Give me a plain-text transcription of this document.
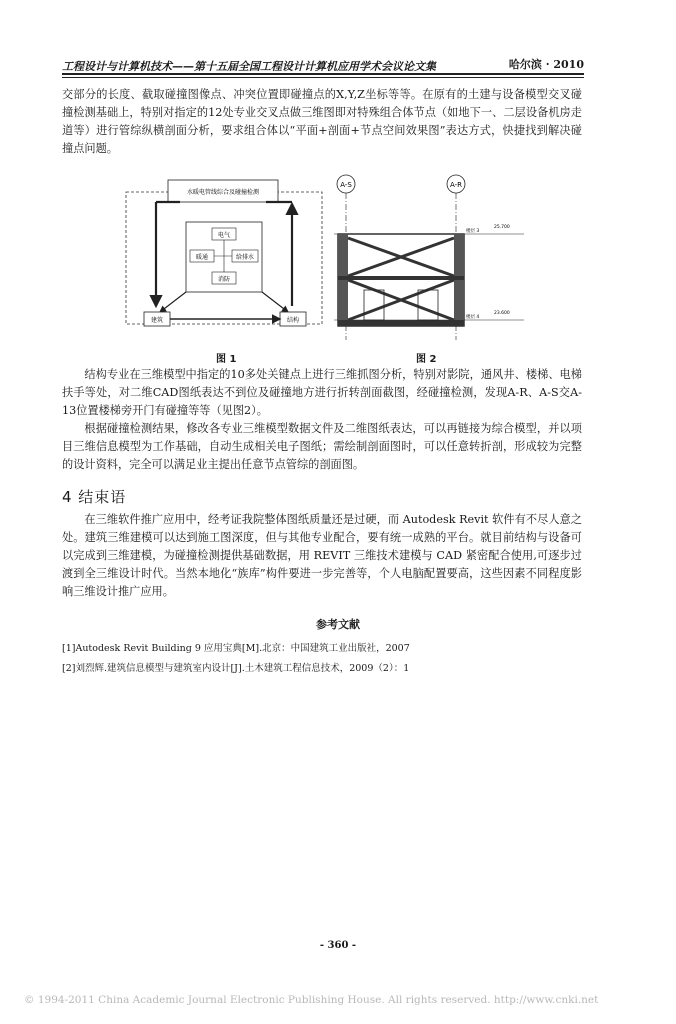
工程设计与计算机技术——第十五届全国工程设计计算机应用学术会议论文集	哈尔滨 · 2010

交部分的长度、截取碰撞图像点、冲突位置即碰撞点的X,Y,Z坐标等等。在原有的土建与设备模型交叉碰撞检测基础上，特别对指定的12处专业交叉点做三维图即对特殊组合体节点（如地下一、二层设备机房走道等）进行管综纵横剖面分析，要求组合体以“平面+剖面+节点空间效果图”表达方式，快捷找到解决碰撞点问题。

水暖电管线综合及碰撞检测
电气
暖通	给排水
消防
建筑	结构
A-S	A-R
楼层 3
25.700
楼层 4
23.600
图 1	图 2

结构专业在三维模型中指定的10多处关键点上进行三维抓图分析，特别对影院，通风井、楼梯、电梯扶手等处，对二维CAD图纸表达不到位及碰撞地方进行折转剖面截图，经碰撞检测，发现A-R、A-S交A-13位置楼梯旁开门有碰撞等等（见图2）。

根据碰撞检测结果，修改各专业三维模型数据文件及二维图纸表达，可以再链接为综合模型，并以项目三维信息模型为工作基础，自动生成相关电子图纸；需绘制剖面图时，可以任意转折剖，形成较为完整的设计资料，完全可以满足业主提出任意节点管综的剖面图。

4 结束语

在三维软件推广应用中，经考证我院整体图纸质量还是过硬，而 Autodesk Revit 软件有不尽人意之处。建筑三维建模可以达到施工图深度，但与其他专业配合，要有统一成熟的平台。就目前结构与设备可以完成到三维建模，为碰撞检测提供基础数据，用 REVIT 三维技术建模与 CAD 紧密配合使用,可逐步过渡到全三维设计时代。当然本地化“族库”构件要进一步完善等，个人电脑配置要高，这些因素不同程度影响三维设计推广应用。

参考文献
[1]Autodesk Revit Building 9 应用宝典[M].北京：中国建筑工业出版社，2007
[2]刘烈辉.建筑信息模型与建筑室内设计[J].土木建筑工程信息技术，2009（2）：1
- 360 -
© 1994-2011 China Academic Journal Electronic Publishing House. All rights reserved. http://www.cnki.net
